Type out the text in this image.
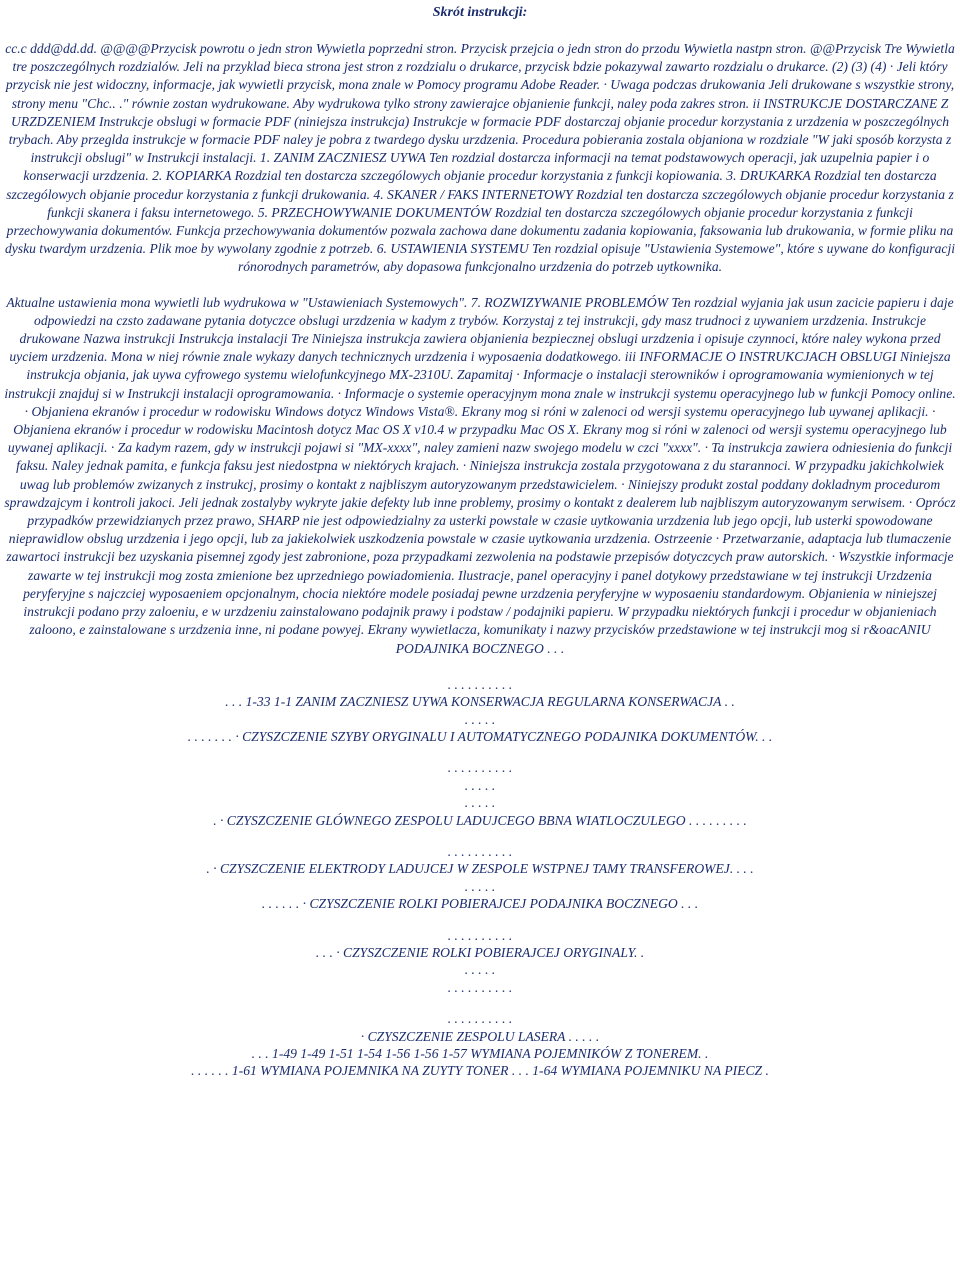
Skrót instrukcji:

cc.c ddd@dd.dd. @@@@Przycisk powrotu o jedn stron Wywietla poprzedni stron. Przycisk przejcia o jedn stron do przodu Wywietla nastpn stron. @@Przycisk Tre Wywietla tre poszczególnych rozdzialów. Jeli na przyklad bieca strona jest stron z rozdzialu o drukarce, przycisk bdzie pokazywal zawarto rozdzialu o drukarce. (2) (3) (4) · Jeli który przycisk nie jest widoczny, informacje, jak wywietli przycisk, mona znale w Pomocy programu Adobe Reader. · Uwaga podczas drukowania Jeli drukowane s wszystkie strony, strony menu "Chc.. ." równie zostan wydrukowane. Aby wydrukowa tylko strony zawierajce objanienie funkcji, naley poda zakres stron. ii INSTRUKCJE DOSTARCZANE Z URZDZENIEM Instrukcje obslugi w formacie PDF (niniejsza instrukcja) Instrukcje w formacie PDF dostarczaj objanie procedur korzystania z urzdzenia w poszczególnych trybach. Aby przeglda instrukcje w formacie PDF naley je pobra z twardego dysku urzdzenia. Procedura pobierania zostala objaniona w rozdziale "W jaki sposób korzysta z instrukcji obslugi" w Instrukcji instalacji. 1. ZANIM ZACZNIESZ UYWA Ten rozdzial dostarcza informacji na temat podstawowych operacji, jak uzupelnia papier i o konserwacji urzdzenia. 2. KOPIARKA Rozdzial ten dostarcza szczególowych objanie procedur korzystania z funkcji kopiowania. 3. DRUKARKA Rozdzial ten dostarcza szczególowych objanie procedur korzystania z funkcji drukowania. 4. SKANER / FAKS INTERNETOWY Rozdzial ten dostarcza szczególowych objanie procedur korzystania z funkcji skanera i faksu internetowego. 5. PRZECHOWYWANIE DOKUMENTÓW Rozdzial ten dostarcza szczególowych objanie procedur korzystania z funkcji przechowywania dokumentów. Funkcja przechowywania dokumentów pozwala zachowa dane dokumentu zadania kopiowania, faksowania lub drukowania, w formie pliku na dysku twardym urzdzenia. Plik moe by wywolany zgodnie z potrzeb. 6. USTAWIENIA SYSTEMU Ten rozdzial opisuje "Ustawienia Systemowe", które s uywane do konfiguracji rónorodnych parametrów, aby dopasowa funkcjonalno urzdzenia do potrzeb uytkownika.

Aktualne ustawienia mona wywietli lub wydrukowa w "Ustawieniach Systemowych". 7. ROZWIZYWANIE PROBLEMÓW Ten rozdzial wyjania jak usun zacicie papieru i daje odpowiedzi na czsto zadawane pytania dotyczce obslugi urzdzenia w kadym z trybów. Korzystaj z tej instrukcji, gdy masz trudnoci z uywaniem urzdzenia. Instrukcje drukowane Nazwa instrukcji Instrukcja instalacji Tre Niniejsza instrukcja zawiera objanienia bezpiecznej obslugi urzdzenia i opisuje czynnoci, które naley wykona przed uyciem urzdzenia. Mona w niej równie znale wykazy danych technicznych urzdzenia i wyposaenia dodatkowego. iii INFORMACJE O INSTRUKCJACH OBSLUGI Niniejsza instrukcja objania, jak uywa cyfrowego systemu wielofunkcyjnego MX-2310U. Zapamitaj · Informacje o instalacji sterowników i oprogramowania wymienionych w tej instrukcji znajduj si w Instrukcji instalacji oprogramowania. · Informacje o systemie operacyjnym mona znale w instrukcji systemu operacyjnego lub w funkcji Pomocy online. · Objaniena ekranów i procedur w rodowisku Windows dotycz Windows Vista®. Ekrany mog si róni w zalenoci od wersji systemu operacyjnego lub uywanej aplikacji. · Objaniena ekranów i procedur w rodowisku Macintosh dotycz Mac OS X v10.4 w przypadku Mac OS X. Ekrany mog si róni w zalenoci od wersji systemu operacyjnego lub uywanej aplikacji. · Za kadym razem, gdy w instrukcji pojawi si "MX-xxxx", naley zamieni nazw swojego modelu w czci "xxxx". · Ta instrukcja zawiera odniesienia do funkcji faksu. Naley jednak pamita, e funkcja faksu jest niedostpna w niektórych krajach. · Niniejsza instrukcja zostala przygotowana z du starannoci. W przypadku jakichkolwiek uwag lub problemów zwizanych z instrukcj, prosimy o kontakt z najbliszym autoryzowanym przedstawicielem. · Niniejszy produkt zostal poddany dokladnym procedurom sprawdzajcym i kontroli jakoci. Jeli jednak zostalyby wykryte jakie defekty lub inne problemy, prosimy o kontakt z dealerem lub najbliszym autoryzowanym serwisem. · Oprócz przypadków przewidzianych przez prawo, SHARP nie jest odpowiedzialny za usterki powstale w czasie uytkowania urzdzenia lub jego opcji, lub usterki spowodowane nieprawidlow obslug urzdzenia i jego opcji, lub za jakiekolwiek uszkodzenia powstale w czasie uytkowania urzdzenia. Ostrzeenie · Przetwarzanie, adaptacja lub tlumaczenie zawartoci instrukcji bez uzyskania pisemnej zgody jest zabronione, poza przypadkami zezwolenia na podstawie przepisów dotyczcych praw autorskich. · Wszystkie informacje zawarte w tej instrukcji mog zosta zmienione bez uprzedniego powiadomienia. Ilustracje, panel operacyjny i panel dotykowy przedstawiane w tej instrukcji Urzdzenia peryferyjne s najczciej wyposaeniem opcjonalnym, chocia niektóre modele posiadaj pewne urzdzenia peryferyjne w wyposaeniu standardowym. Objanienia w niniejszej instrukcji podano przy zaloeniu, e w urzdzeniu zainstalowano podajnik prawy i podstaw / podajniki papieru. W przypadku niektórych funkcji i procedur w objanieniach zaloono, e zainstalowane s urzdzenia inne, ni podane powyej. Ekrany wywietlacza, komunikaty i nazwy przycisków przedstawione w tej instrukcji mog si r&oacANIU PODAJNIKA BOCZNEGO . . .

. . . . . . . . . .
. . . 1-33 1-1 ZANIM ZACZNIESZ UYWA KONSERWACJA REGULARNA KONSERWACJA . .
. . . . .
. . . . . . . · CZYSZCZENIE SZYBY ORYGINALU I AUTOMATYCZNEGO PODAJNIKA DOKUMENTÓW. . .
. . . . . . . . . .
. . . . .
. . . . .
. · CZYSZCZENIE GLÓWNEGO ZESPOLU LADUJCEGO BBNA WIATLOCZULEGO . . . . . . . . .
. . . . . . . . . .
. · CZYSZCZENIE ELEKTRODY LADUJCEJ W ZESPOLE WSTPNEJ TAMY TRANSFEROWEJ. . . .
. . . . .
. . . . . . · CZYSZCZENIE ROLKI POBIERAJCEJ PODAJNIKA BOCZNEGO . . .
. . . . . . . . . .
. . . · CZYSZCZENIE ROLKI POBIERAJCEJ ORYGINALY. .
. . . . .
. . . . . . . . . .
. . . . . . . . . .
· CZYSZCZENIE ZESPOLU LASERA . . . . .
. . . 1-49 1-49 1-51 1-54 1-56 1-56 1-57 WYMIANA POJEMNIKÓW Z TONEREM. .
. . . . . . 1-61 WYMIANA POJEMNIKA NA ZUYTY TONER . . . 1-64 WYMIANA POJEMNIKU NA PIECZ .
